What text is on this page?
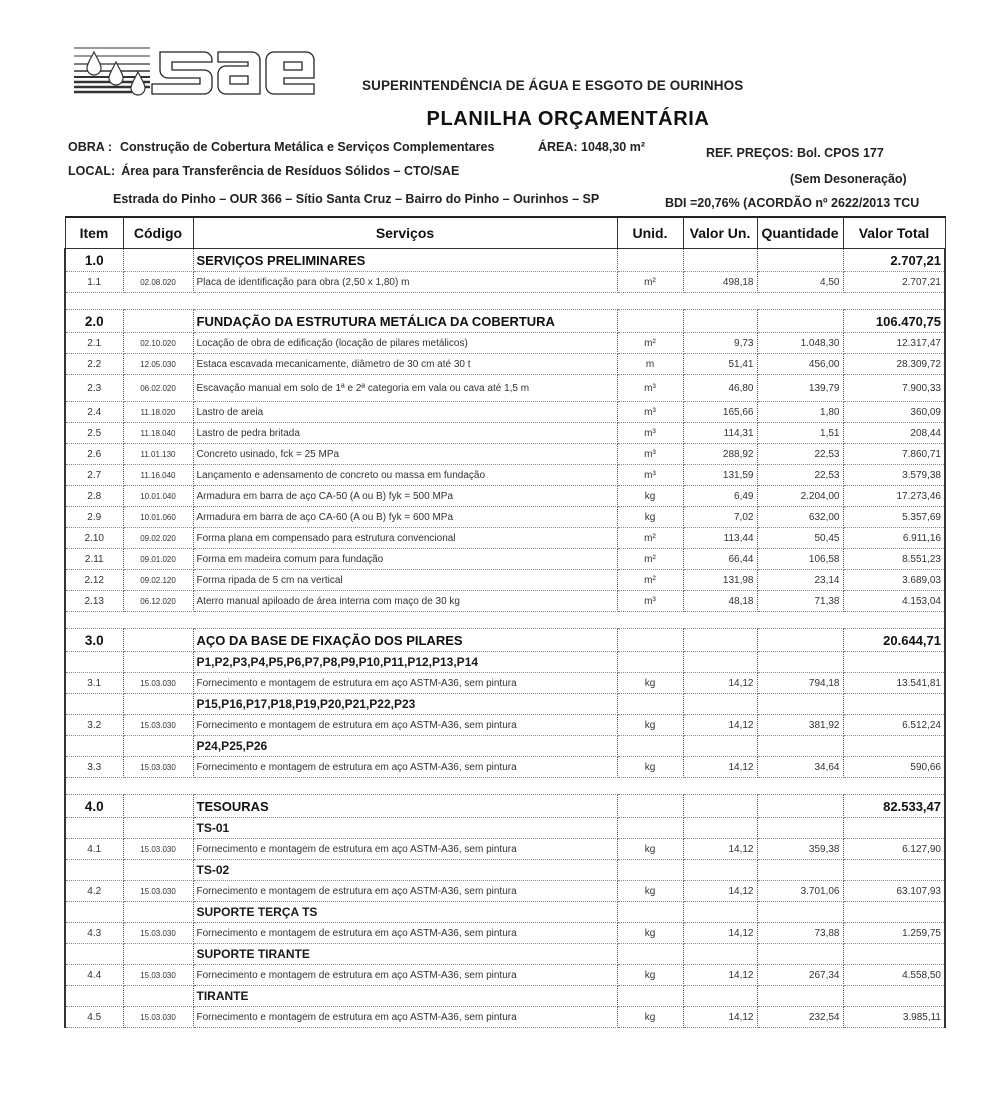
SUPERINTENDÊNCIA DE ÁGUA E ESGOTO DE OURINHOS
PLANILHA ORÇAMENTÁRIA
OBRA : Construção de Cobertura Metálica e Serviços Complementares	ÁREA: 1048,30 m²	REF. PREÇOS: Bol. CPOS 177
LOCAL: Área para Transferência de Resíduos Sólidos – CTO/SAE
(Sem Desoneração)
Estrada do Pinho – OUR 366 – Sítio Santa Cruz – Bairro do Pinho – Ourinhos – SP	BDI =20,76% (ACORDÃO nº 2622/2013 TCU
Item	Código	Serviços	Unid.	Valor Un.	Quantidade	Valor Total
1.0		SERVIÇOS PRELIMINARES				2.707,21
1.1	02.08.020	Placa de identificação para obra (2,50 x 1,80) m	m²	498,18	4,50	2.707,21

2.0		FUNDAÇÃO DA ESTRUTURA METÁLICA DA COBERTURA				106.470,75
2.1	02.10.020	Locação de obra de edificação (locação de pilares metálicos)	m²	9,73	1.048,30	12.317,47
2.2	12.05.030	Estaca escavada mecanicamente, diâmetro de 30 cm até 30 t	m	51,41	456,00	28.309,72
2.3	06.02.020	Escavação manual em solo de 1ª e 2ª categoria em vala ou cava até 1,5 m	m³	46,80	139,79	7.900,33
2.4	11.18.020	Lastro de areia	m³	165,66	1,80	360,09
2.5	11.18.040	Lastro de pedra britada	m³	114,31	1,51	208,44
2.6	11.01.130	Concreto usinado, fck = 25 MPa	m³	288,92	22,53	7.860,71
2.7	11.16.040	Lançamento e adensamento de concreto ou massa em fundação	m³	131,59	22,53	3.579,38
2.8	10.01.040	Armadura em barra de aço CA-50 (A ou B) fyk = 500 MPa	kg	6,49	2.204,00	17.273,46
2.9	10.01.060	Armadura em barra de aço CA-60 (A ou B) fyk = 600 MPa	kg	7,02	632,00	5.357,69
2.10	09.02.020	Forma plana em compensado para estrutura convencional	m²	113,44	50,45	6.911,16
2.11	09.01.020	Forma em madeira comum para fundação	m²	66,44	106,58	8.551,23
2.12	09.02.120	Forma ripada de 5 cm na vertical	m²	131,98	23,14	3.689,03
2.13	06.12.020	Aterro manual apiloado de área interna com maço de 30 kg	m³	48,18	71,38	4.153,04

3.0		AÇO DA BASE DE FIXAÇÃO DOS PILARES				20.644,71
		P1,P2,P3,P4,P5,P6,P7,P8,P9,P10,P11,P12,P13,P14				
3.1	15.03.030	Fornecimento e montagem de estrutura em aço ASTM-A36, sem pintura	kg	14,12	794,18	13.541,81
		P15,P16,P17,P18,P19,P20,P21,P22,P23				
3.2	15.03.030	Fornecimento e montagem de estrutura em aço ASTM-A36, sem pintura	kg	14,12	381,92	6.512,24
		P24,P25,P26				
3.3	15.03.030	Fornecimento e montagem de estrutura em aço ASTM-A36, sem pintura	kg	14,12	34,64	590,66

4.0		TESOURAS				82.533,47
		TS-01				
4.1	15.03.030	Fornecimento e montagem de estrutura em aço ASTM-A36, sem pintura	kg	14,12	359,38	6.127,90
		TS-02				
4.2	15.03.030	Fornecimento e montagem de estrutura em aço ASTM-A36, sem pintura	kg	14,12	3.701,06	63.107,93
		SUPORTE TERÇA TS				
4.3	15.03.030	Fornecimento e montagem de estrutura em aço ASTM-A36, sem pintura	kg	14,12	73,88	1.259,75
		SUPORTE TIRANTE				
4.4	15.03.030	Fornecimento e montagem de estrutura em aço ASTM-A36, sem pintura	kg	14,12	267,34	4.558,50
		TIRANTE				
4.5	15.03.030	Fornecimento e montagem de estrutura em aço ASTM-A36, sem pintura	kg	14,12	232,54	3.985,11
